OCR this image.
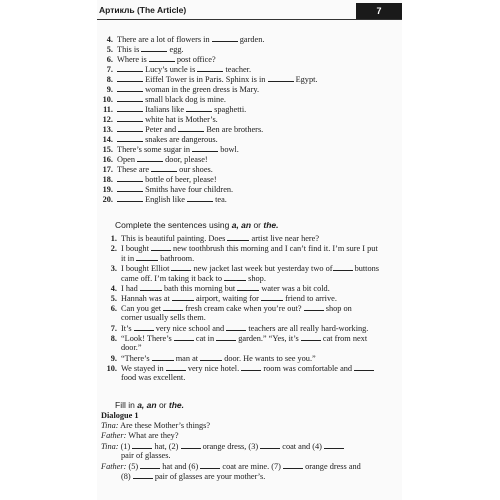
Артикль (The Article)	7
4. There are a lot of flowers in	garden.
5. This is	egg.
6. Where is	post office?
7.	Lucy’s uncle is	teacher.
8.	Eiffel Tower is in Paris. Sphinx is in	Egypt.
9.	woman in the green dress is Mary.
10.	small black dog is mine.
11.	Italians like	spaghetti.
12.	white hat is Mother’s.
13.	Peter and	Ben are brothers.
14.	snakes are dangerous.
15. There’s some sugar in	bowl.
16. Open	door, please!
17. These are	our shoes.
18.	bottle of beer, please!
19.	Smiths have four children.
20.	English like	tea.
Complete the sentences using a, an or the.
1. This is beautiful painting. Does	artist live near here?
2. I bought	new toothbrush this morning and I can’t find it. I’m sure I put
it in	bathroom.
3. I bought Elliot	new jacket last week but yesterday two of	buttons
came off. I’m taking it back to	shop.
4. I had	bath this morning but	water was a bit cold.
5. Hannah was at	airport, waiting for	friend to arrive.
6. Can you get	fresh cream cake when you’re out?	shop on
corner usually sells them.
7. It’s	very nice school and	teachers are all really hard-working.
8. “Look! There’s	cat in	garden.” “Yes, it’s	cat from next
door.”
9. “There’s	man at	door. He wants to see you.”
10. We stayed in	very nice hotel.	room was comfortable and
food was excellent.
Fill in a, an or the.
Dialogue 1
Tina: Are these Mother’s things?
Father: What are they?
Tina: (1)	hat, (2)	orange dress, (3)	coat and (4)
pair of glasses.
Father: (5)	hat and (6)	coat are mine. (7)	orange dress and
(8)	pair of glasses are your mother’s.
